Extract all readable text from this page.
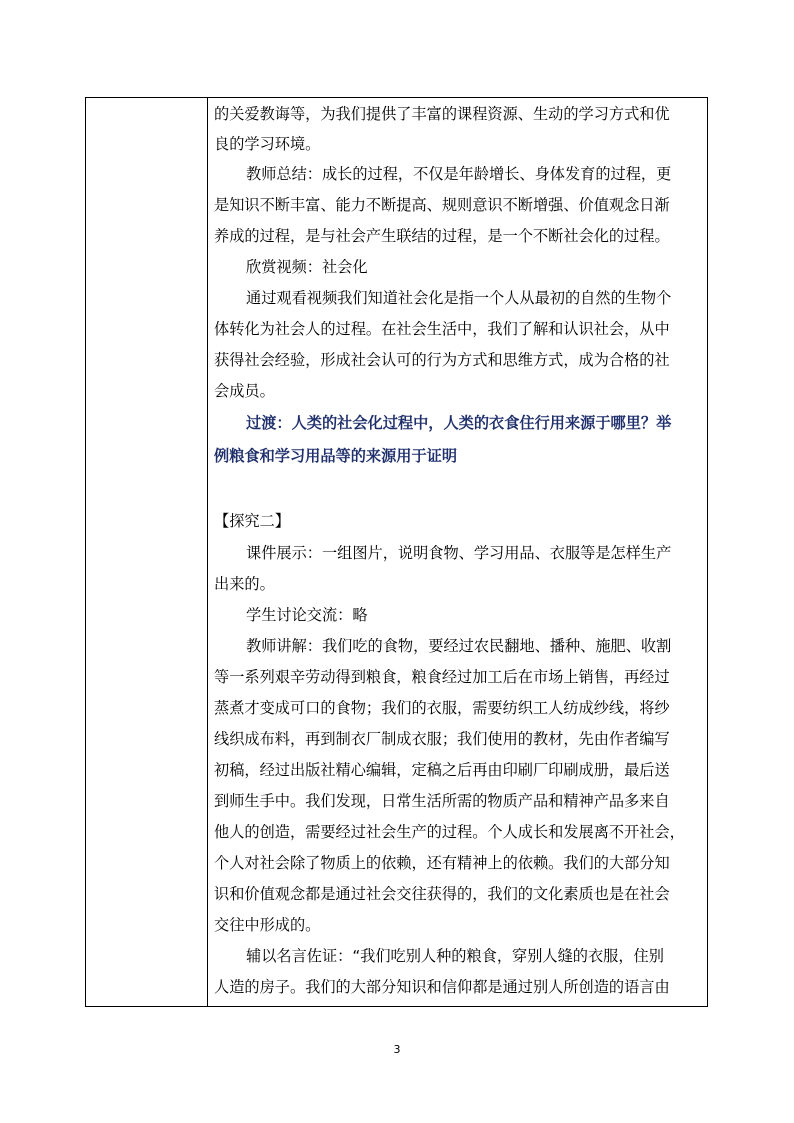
的关爱教诲等，为我们提供了丰富的课程资源、生动的学习方式和优
良的学习环境。
教师总结：成长的过程，不仅是年龄增长、身体发育的过程，更
是知识不断丰富、能力不断提高、规则意识不断增强、价值观念日渐
养成的过程，是与社会产生联结的过程，是一个不断社会化的过程。
欣赏视频：社会化
通过观看视频我们知道社会化是指一个人从最初的自然的生物个
体转化为社会人的过程。在社会生活中，我们了解和认识社会，从中
获得社会经验，形成社会认可的行为方式和思维方式，成为合格的社
会成员。
过渡：人类的社会化过程中，人类的衣食住行用来源于哪里？举
例粮食和学习用品等的来源用于证明
【探究二】
课件展示：一组图片，说明食物、学习用品、衣服等是怎样生产
出来的。
学生讨论交流：略
教师讲解：我们吃的食物，要经过农民翻地、播种、施肥、收割
等一系列艰辛劳动得到粮食，粮食经过加工后在市场上销售，再经过
蒸煮才变成可口的食物；我们的衣服，需要纺织工人纺成纱线，将纱
线织成布料，再到制衣厂制成衣服；我们使用的教材，先由作者编写
初稿，经过出版社精心编辑，定稿之后再由印刷厂印刷成册，最后送
到师生手中。我们发现，日常生活所需的物质产品和精神产品多来自
他人的创造，需要经过社会生产的过程。个人成长和发展离不开社会，
个人对社会除了物质上的依赖，还有精神上的依赖。我们的大部分知
识和价值观念都是通过社会交往获得的，我们的文化素质也是在社会
交往中形成的。
辅以名言佐证：“我们吃别人种的粮食，穿别人缝的衣服，住别
人造的房子。我们的大部分知识和信仰都是通过别人所创造的语言由
3
